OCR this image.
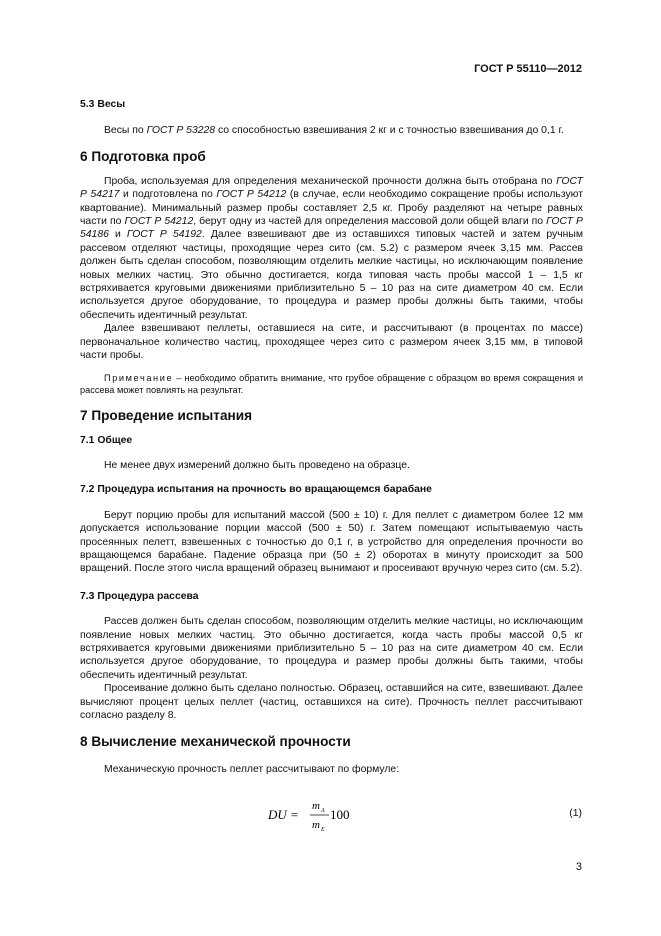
ГОСТ Р 55110—2012

5.3 Весы

Весы по ГОСТ Р 53228 со способностью взвешивания 2 кг и с точностью взвешивания до 0,1 г.

6 Подготовка проб

Проба, используемая для определения механической прочности должна быть отобрана по ГОСТ Р 54217 и подготовлена по ГОСТ Р 54212 (в случае, если необходимо сокращение пробы используют квартование). Минимальный размер пробы составляет 2,5 кг. Пробу разделяют на четыре равных части по ГОСТ Р 54212, берут одну из частей для определения массовой доли общей влаги по ГОСТ Р 54186 и ГОСТ Р 54192. Далее взвешивают две из оставшихся типовых частей и затем ручным рассевом отделяют частицы, проходящие через сито (см. 5.2) с размером ячеек 3,15 мм. Рассев должен быть сделан способом, позволяющим отделить мелкие частицы, но исключающим появление новых мелких частиц. Это обычно достигается, когда типовая часть пробы массой 1 – 1,5 кг встряхивается круговыми движениями приблизительно 5 – 10 раз на сите диаметром 40 см. Если используется другое оборудование, то процедура и размер пробы должны быть такими, чтобы обеспечить идентичный результат.

Далее взвешивают пеллеты, оставшиеся на сите, и рассчитывают (в процентах по массе) первоначальное количество частиц, проходящее через сито с размером ячеек 3,15 мм, в типовой части пробы.

Примечание – необходимо обратить внимание, что грубое обращение с образцом во время сокращения и рассева может повлиять на результат.

7 Проведение испытания

7.1 Общее

Не менее двух измерений должно быть проведено на образце.

7.2 Процедура испытания на прочность во вращающемся барабане

Берут порцию пробы для испытаний массой (500 ± 10) г. Для пеллет с диаметром более 12 мм допускается использование порции массой (500 ± 50) г. Затем помещают испытываемую часть просеянных пелетт, взвешенных с точностью до 0,1 г, в устройство для определения прочности во вращающемся барабане. Падение образца при (50 ± 2) оборотах в минуту происходит за 500 вращений. После этого числа вращений образец вынимают и просеивают вручную через сито (см. 5.2).

7.3 Процедура рассева

Рассев должен быть сделан способом, позволяющим отделить мелкие частицы, но исключающим появление новых мелких частиц. Это обычно достигается, когда часть пробы массой 0,5 кг встряхивается круговыми движениями приблизительно 5 – 10 раз на сите диаметром 40 см. Если используется другое оборудование, то процедура и размер пробы должны быть такими, чтобы обеспечить идентичный результат.

Просеивание должно быть сделано полностью. Образец, оставшийся на сите, взвешивают. Далее вычисляют процент целых пеллет (частиц, оставшихся на сите). Прочность пеллет рассчитывают согласно разделу 8.

8 Вычисление механической прочности

Механическую прочность пеллет рассчитывают по формуле:

DU =
m A
m E
100	(1)
3
